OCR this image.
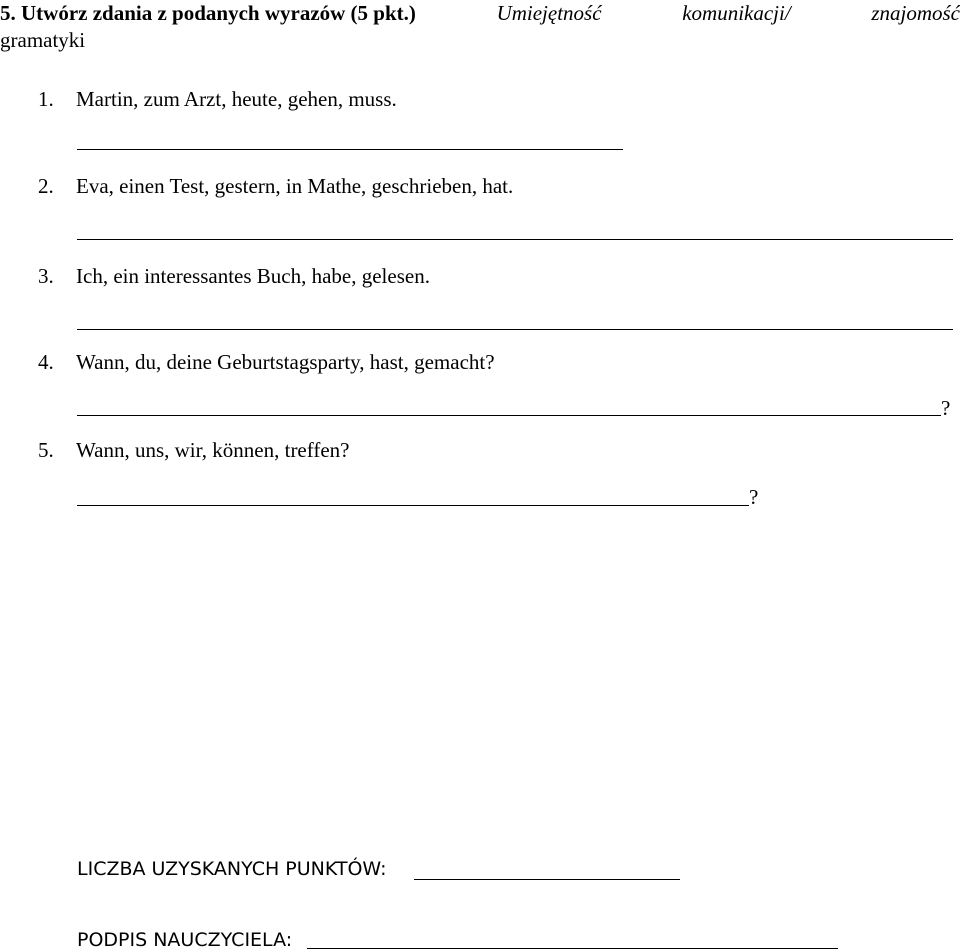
5. Utwórz zdania z podanych wyrazów (5 pkt.)	Umiejętność	komunikacji/	znajomość
gramatyki
1. Martin, zum Arzt, heute, gehen, muss.
2. Eva, einen Test, gestern, in Mathe, geschrieben, hat.
3. Ich, ein interessantes Buch, habe, gelesen.
4. Wann, du, deine Geburtstagsparty, hast, gemacht?
?
5. Wann, uns, wir, können, treffen?
?
LICZBA UZYSKANYCH PUNKTÓW:
PODPIS NAUCZYCIELA:
